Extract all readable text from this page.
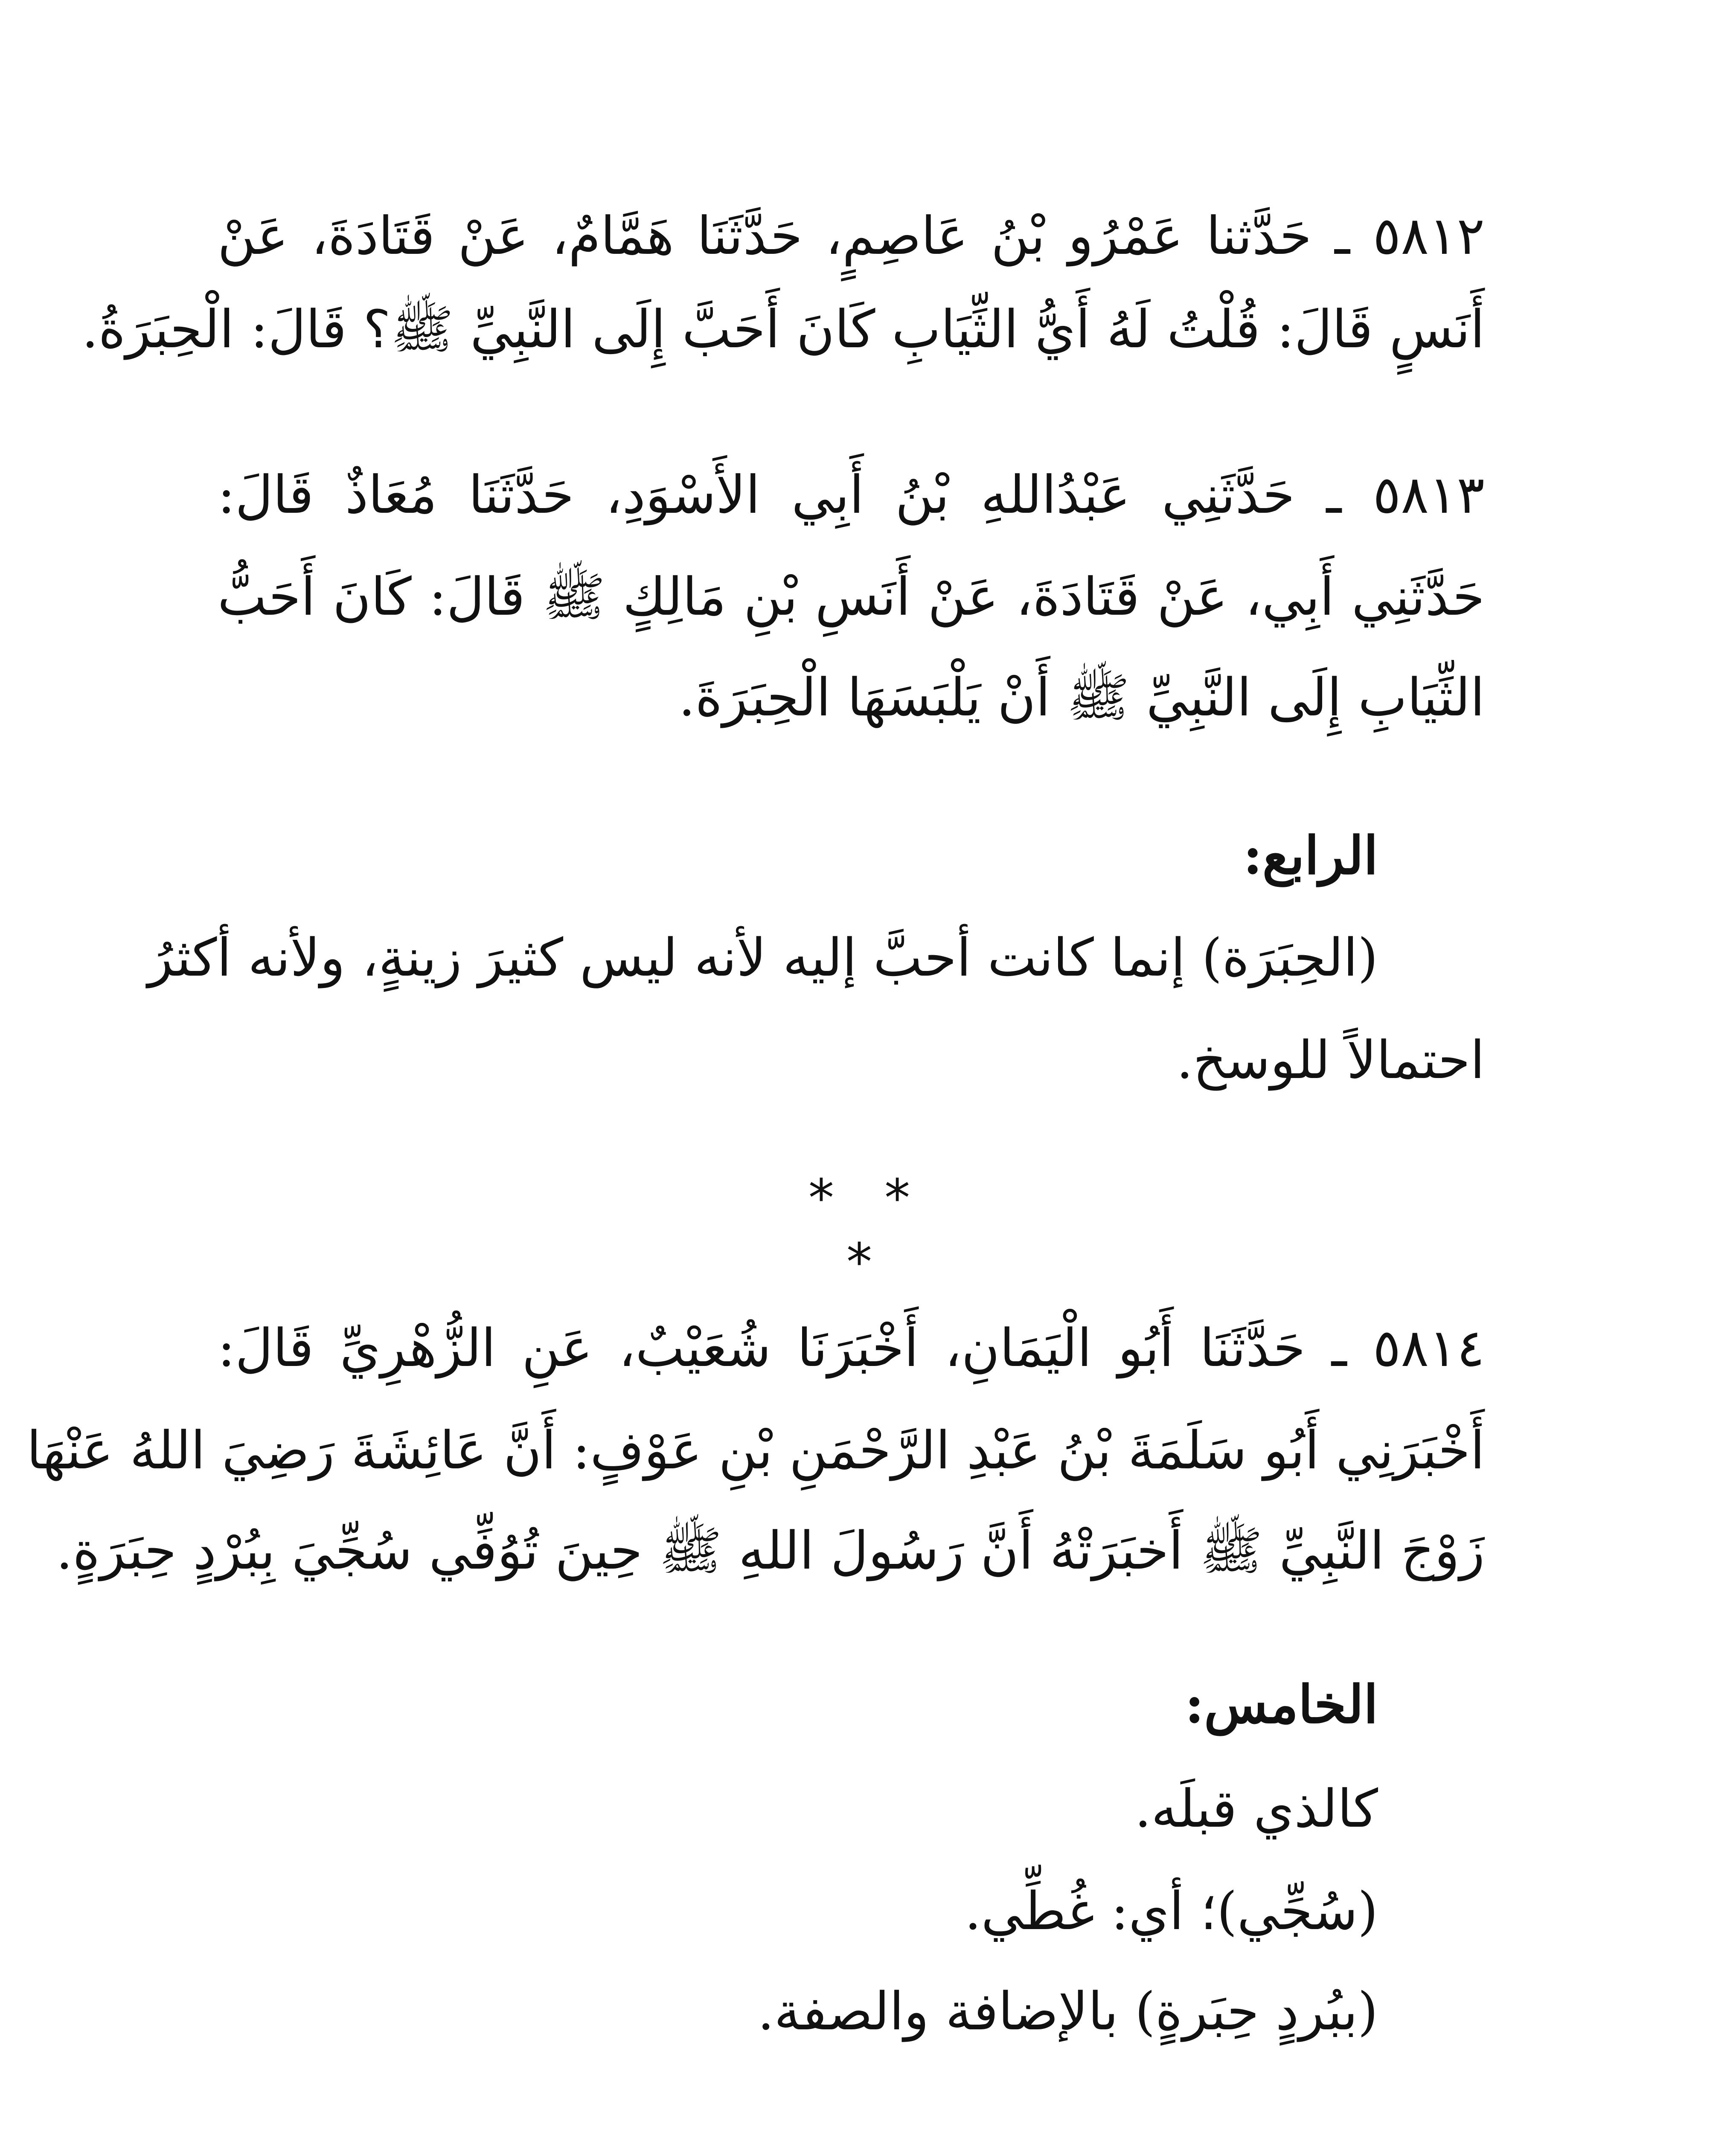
٥٨١٢ ـ حَدَّثنا عَمْرُو بْنُ عَاصِمٍ، حَدَّثَنَا هَمَّامٌ، عَنْ قَتَادَةَ، عَنْ
أَنَسٍ قَالَ: قُلْتُ لَهُ أَيُّ الثِّيَابِ كَانَ أَحَبَّ إِلَى النَّبِيِّ ﷺ؟ قَالَ: الْحِبَرَةُ.
٥٨١٣ ـ حَدَّثَنِي عَبْدُاللهِ بْنُ أَبِي الأَسْوَدِ، حَدَّثَنَا مُعَاذٌ قَالَ:
حَدَّثَنِي أَبِي، عَنْ قَتَادَةَ، عَنْ أَنَسِ بْنِ مَالِكٍ ﷺ قَالَ: كَانَ أَحَبُّ
الثِّيَابِ إِلَى النَّبِيِّ ﷺ أَنْ يَلْبَسَهَا الْحِبَرَةَ.
الرابع:
(الحِبَرَة) إنما كانت أحبَّ إليه لأنه ليس كثيرَ زينةٍ، ولأنه أكثرُ
احتمالاً للوسخ.
* * *
٥٨١٤ ـ حَدَّثَنَا أَبُو الْيَمَانِ، أَخْبَرَنَا شُعَيْبٌ، عَنِ الزُّهْرِيِّ قَالَ:
أَخْبَرَنِي أَبُو سَلَمَةَ بْنُ عَبْدِ الرَّحْمَنِ بْنِ عَوْفٍ: أَنَّ عَائِشَةَ رَضِيَ اللهُ عَنْهَا
زَوْجَ النَّبِيِّ ﷺ أَخبَرَتْهُ أَنَّ رَسُولَ اللهِ ﷺ حِينَ تُوُفِّي سُجِّيَ بِبُرْدٍ حِبَرَةٍ.
الخامس:
كالذي قبلَه.
(سُجِّي)؛ أي: غُطِّي.
(ببُردٍ حِبَرةٍ) بالإضافة والصفة.
